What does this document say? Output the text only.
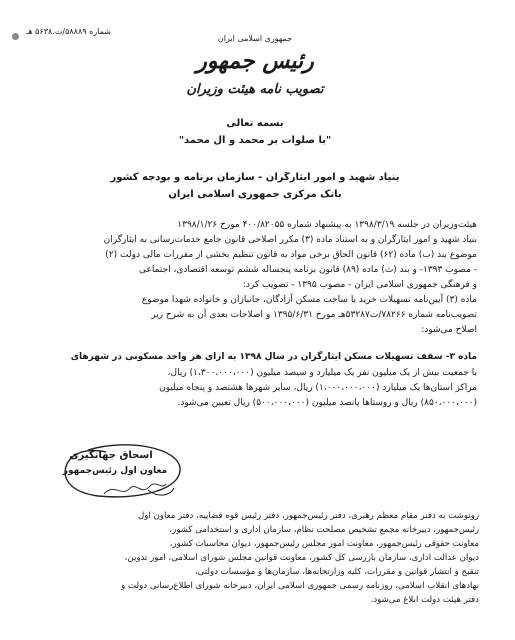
شماره ۵۸۸۸۹/ت.۵۶۳۸ هـ
جمهوری اسلامی ایران
رئیس جمهور
تصویب نامه هیئت وزیران
بسمه تعالی
"با صلوات بر محمد و آل محمد"
بنیاد شهید و امور ایثارگران - سازمان برنامه و بودجه کشور
بانک مرکزی جمهوری اسلامی ایران
هیئت‌وزیران در جلسه ۱۳۹۸/۳/۱۹ به پیشنهاد شماره ۴۰۰/۸۲۰۵۵ مورخ ۱۳۹۸/۱/۲۶
بنیاد شهید و امور ایثارگران و به استناد ماده (۳) مکرر اصلاحی قانون جامع خدمات‌رسانی به ایثارگران
موضوع بند (ب) ماده (۶۲) قانون الحاق برخی مواد به قانون تنظیم بخشی از مقررات مالی دولت (۲)
- مصوب ۱۳۹۳- و بند (ث) ماده (۸۹) قانون برنامه پنجساله ششم توسعه اقتصادی، اجتماعی
و فرهنگی جمهوری اسلامی ایران - مصوب ۱۳۹۵ - تصویب کرد:
ماده (۳) آیین‌نامه تسهیلات خرید یا ساخت مسکن آزادگان، جانبازان و خانواده شهدا موضوع
تصویب‌نامه شماره ۷۸۲۶۶/ت۵۳۲۸۷هـ مورخ ۱۳۹۵/۶/۳۱ و اصلاحات بعدی آن به شرح زیر
اصلاح می‌شود:
ماده ۳- سقف تسهیلات مسکن ایثارگران در سال ۱۳۹۸ به ازای هر واحد مسکونی در شهرهای
با جمعیت بیش از یک میلیون نفر یک میلیارد و سیصد میلیون (۱،۳۰۰،۰۰۰،۰۰۰) ریال،
مراکز استان‌ها یک میلیارد (۱،۰۰۰،۰۰۰،۰۰۰) ریال، سایر شهرها هشتصد و پنجاه میلیون
(۸۵۰،۰۰۰،۰۰۰) ریال و روستاها پانصد میلیون (۵۰۰،۰۰۰،۰۰۰) ریال تعیین می‌شود.
اسحاق جهانگیری
معاون اول رئیس‌جمهور
رونوشت به دفتر مقام معظم رهبری، دفتر رئیس‌جمهور، دفتر رئیس قوه قضاییه، دفتر معاون اول
رئیس‌جمهور، دبیرخانه مجمع تشخیص مصلحت نظام، سازمان اداری و استخدامی کشور،
معاونت حقوقی رئیس‌جمهور، معاونت امور مجلس رئیس‌جمهور، دیوان محاسبات کشور،
دیوان عدالت اداری، سازمان بازرسی کل کشور، معاونت قوانین مجلس شورای اسلامی، امور تدوین،
تنقیح و انتشار قوانین و مقررات، کلیه وزارتخانه‌ها، سازمان‌ها و مؤسسات دولتی،
نهادهای انقلاب اسلامی، روزنامه رسمی جمهوری اسلامی ایران، دبیرخانه شورای اطلاع‌رسانی دولت و
دفتر هیئت دولت ابلاغ می‌شود.
